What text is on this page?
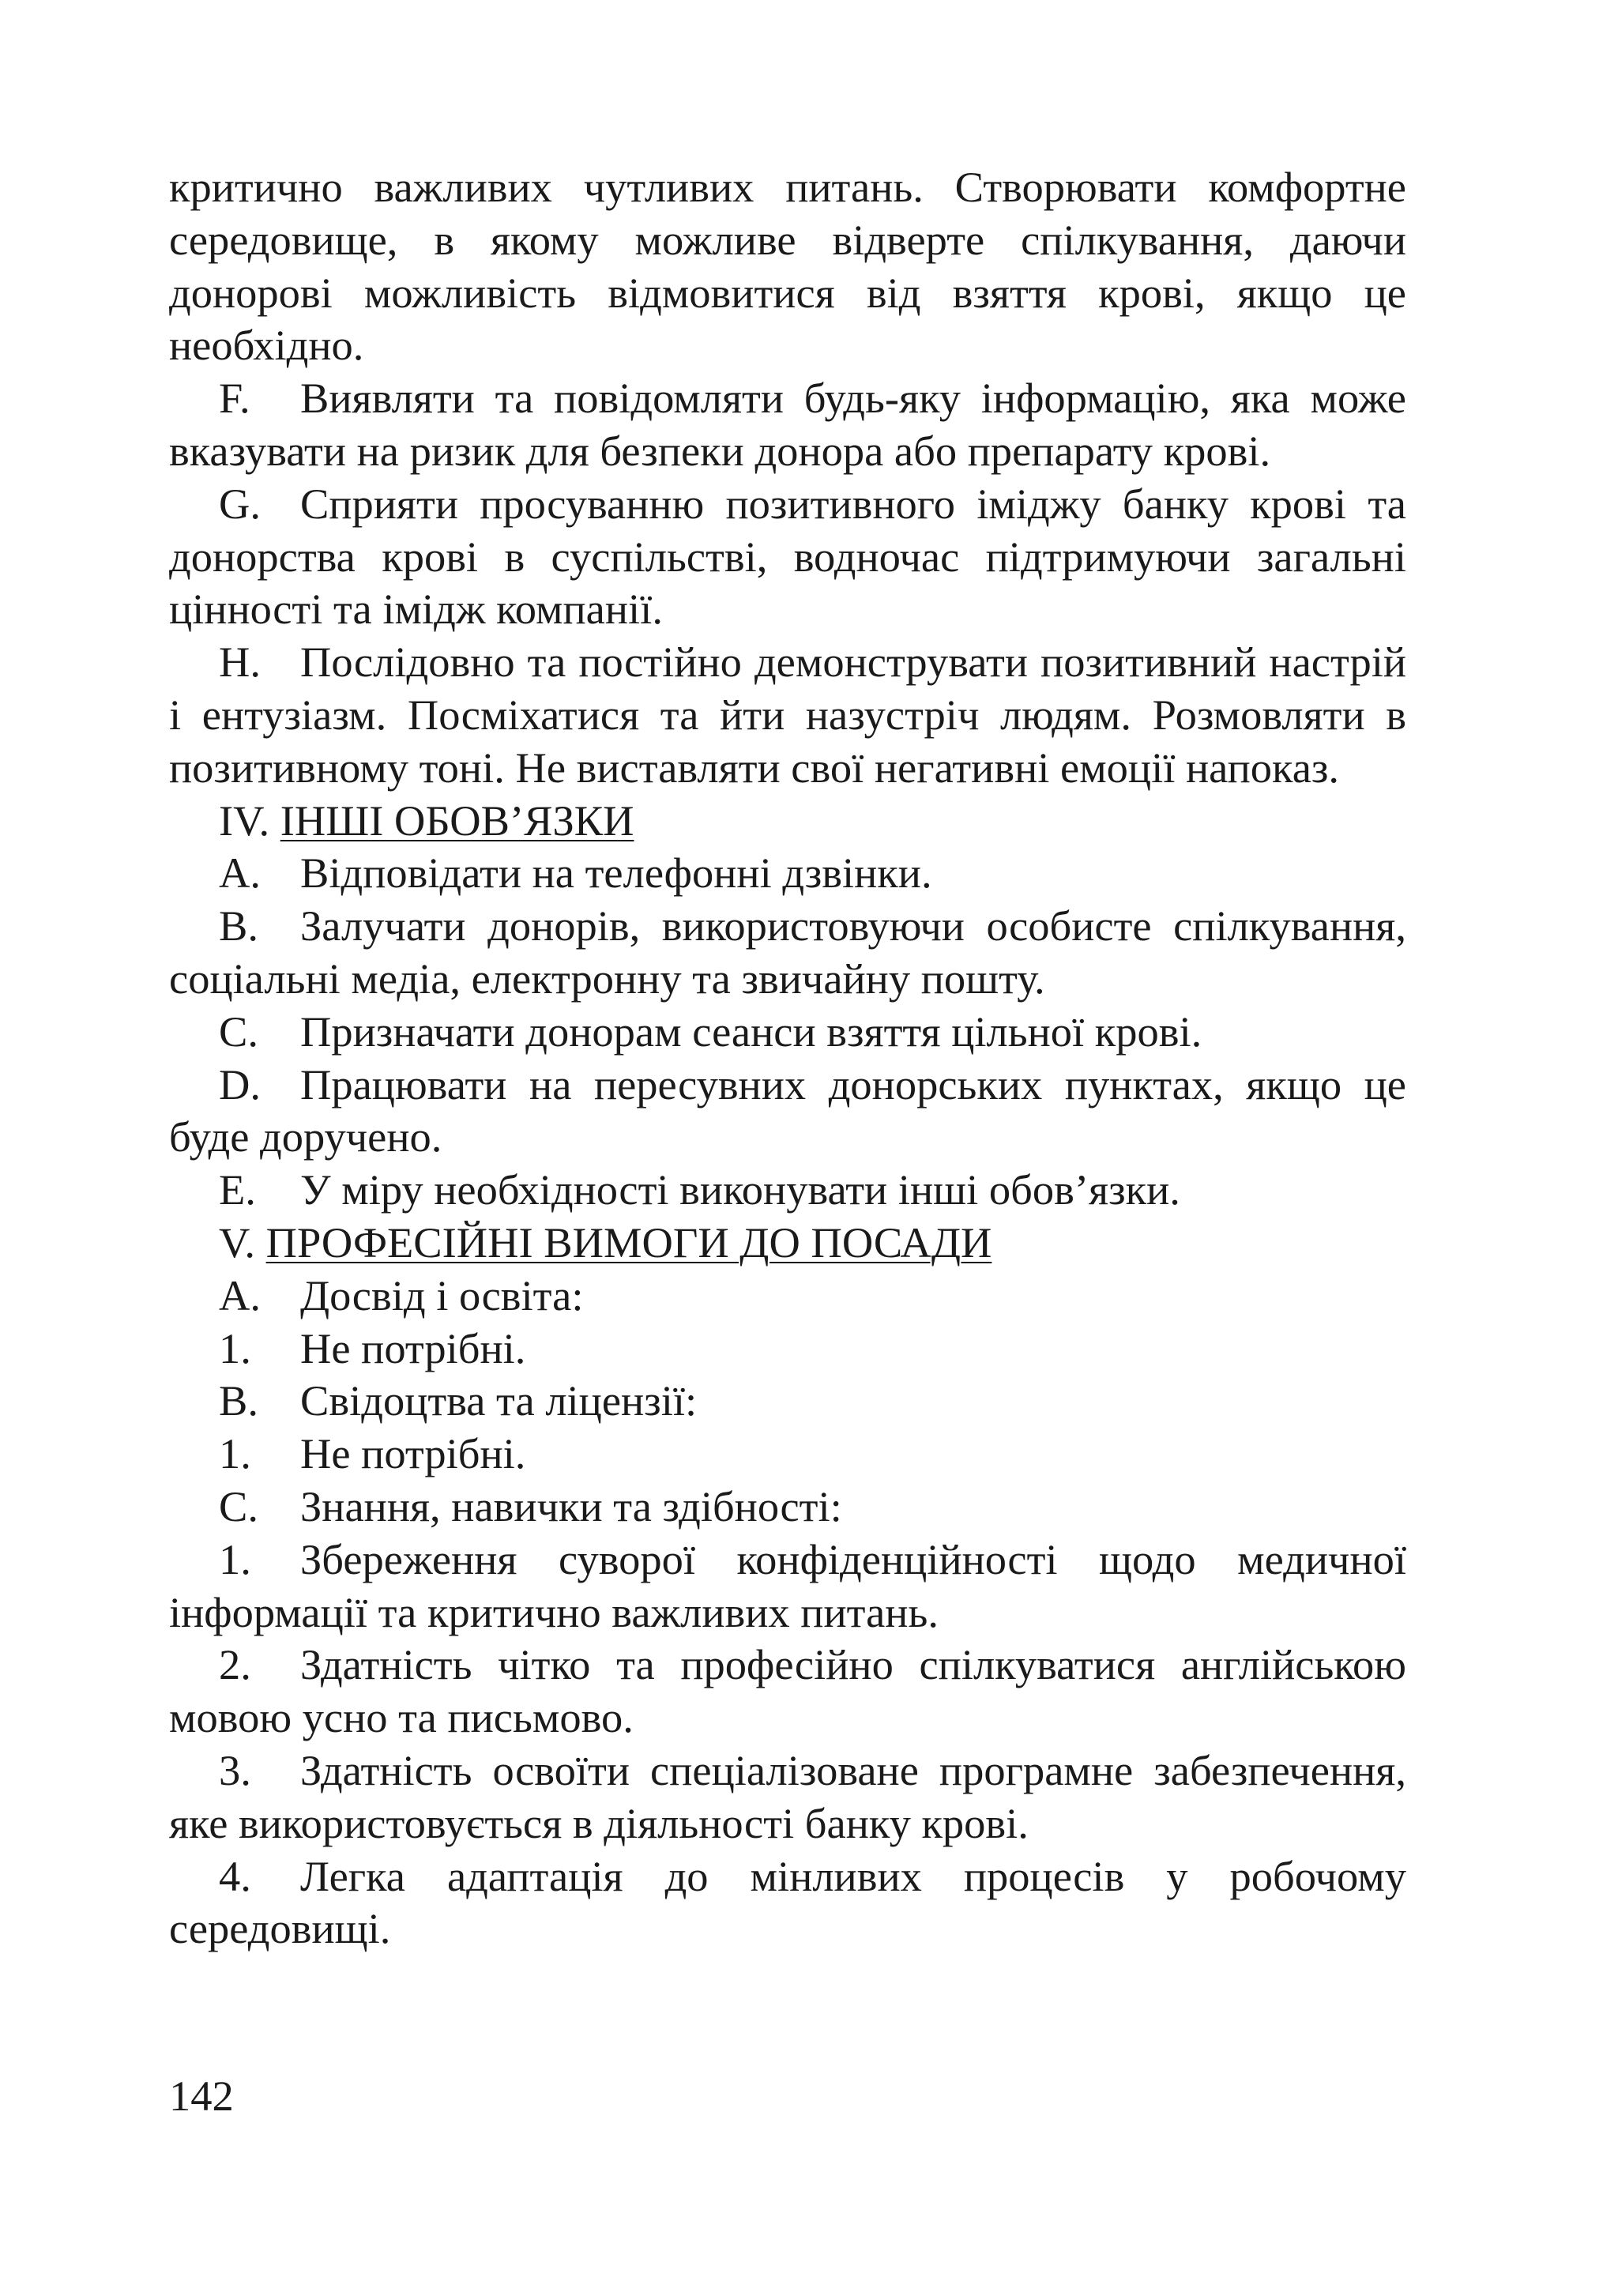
критично важливих чутливих питань. Створювати комфортне середовище, в якому можливе відверте спілкування, даючи донорові можливість відмовитися від взяття крові, якщо це необхідно.

F. Виявляти та повідомляти будь-яку інформацію, яка може вказувати на ризик для безпеки донора або препарату крові.

G. Сприяти просуванню позитивного іміджу банку крові та донорства крові в суспільстві, водночас підтримуючи загальні цінності та імідж компанії.

H. Послідовно та постійно демонструвати позитивний настрій і ентузіазм. Посміхатися та йти назустріч людям. Розмовляти в позитивному тоні. Не виставляти свої негативні емоції напоказ.

IV. ІНШІ ОБОВ’ЯЗКИ

A. Відповідати на телефонні дзвінки.

B. Залучати донорів, використовуючи особисте спілкування, соціальні медіа, електронну та звичайну пошту.

C. Призначати донорам сеанси взяття цільної крові.

D. Працювати на пересувних донорських пунктах, якщо це буде доручено.

E. У міру необхідності виконувати інші обов’язки.

V. ПРОФЕСІЙНІ ВИМОГИ ДО ПОСАДИ

A. Досвід і освіта:

1. Не потрібні.

B. Свідоцтва та ліцензії:

1. Не потрібні.

C. Знання, навички та здібності:

1. Збереження суворої конфіденційності щодо медичної інформації та критично важливих питань.

2. Здатність чітко та професійно спілкуватися англійською мовою усно та письмово.

3. Здатність освоїти спеціалізоване програмне забезпечення, яке використовується в діяльності банку крові.

4. Легка адаптація до мінливих процесів у робочому середовищі.

142
